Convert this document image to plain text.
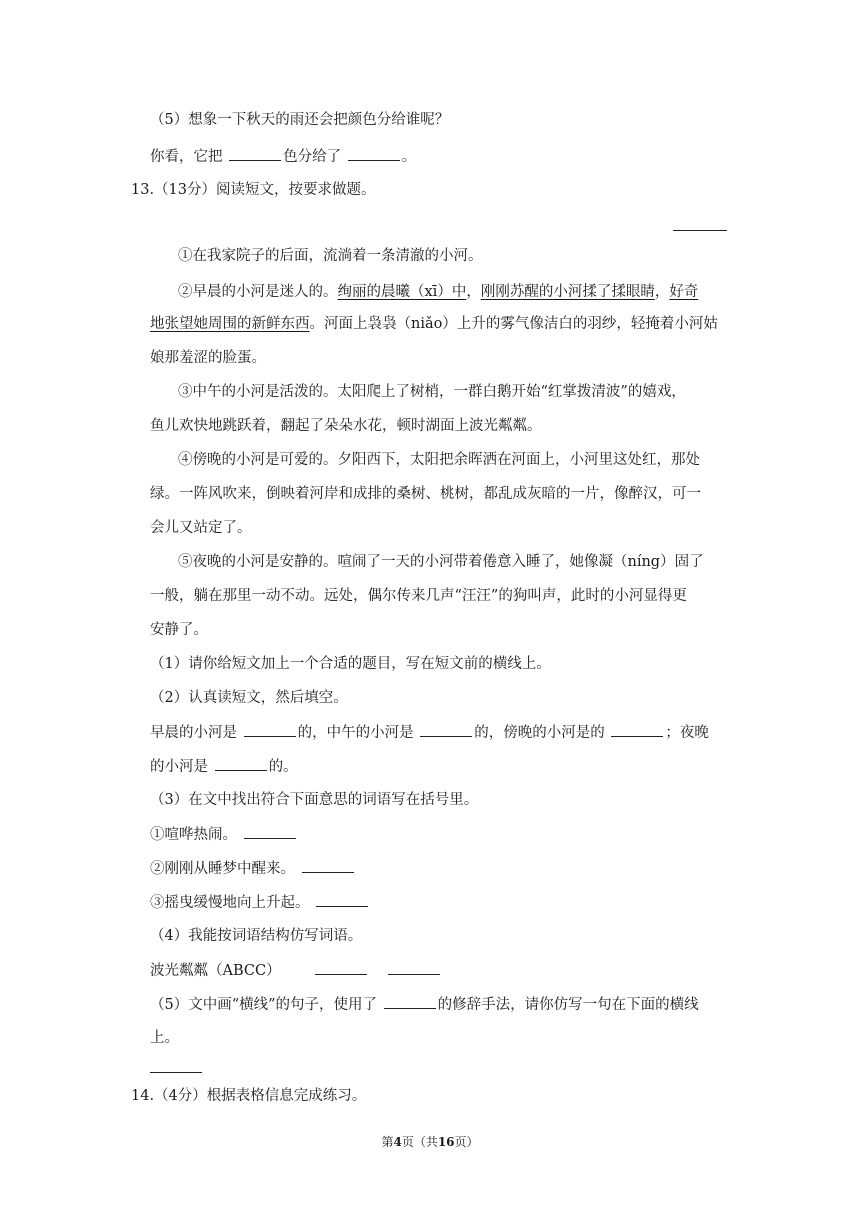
（5）想象一下秋天的雨还会把颜色分给谁呢？
你看，它把	色分给了	。
13.（13分）阅读短文，按要求做题。
①在我家院子的后面，流淌着一条清澈的小河。
②早晨的小河是迷人的。绚丽的晨曦（xī）中，刚刚苏醒的小河揉了揉眼睛，好奇
地张望她周围的新鲜东西。河面上袅袅（niǎo）上升的雾气像洁白的羽纱，轻掩着小河姑
娘那羞涩的脸蛋。
③中午的小河是活泼的。太阳爬上了树梢，一群白鹅开始“红掌拨清波”的嬉戏，
鱼儿欢快地跳跃着，翻起了朵朵水花，顿时湖面上波光粼粼。
④傍晚的小河是可爱的。夕阳西下，太阳把余晖洒在河面上，小河里这处红，那处
绿。一阵风吹来，倒映着河岸和成排的桑树、桃树，都乱成灰暗的一片，像醉汉，可一
会儿又站定了。
⑤夜晚的小河是安静的。喧闹了一天的小河带着倦意入睡了，她像凝（níng）固了
一般，躺在那里一动不动。远处，偶尔传来几声“汪汪”的狗叫声，此时的小河显得更
安静了。
（1）请你给短文加上一个合适的题目，写在短文前的横线上。
（2）认真读短文，然后填空。
早晨的小河是	的，中午的小河是	的，傍晚的小河是的	；夜晚
的小河是	的。
（3）在文中找出符合下面意思的词语写在括号里。
①喧哗热闹。
②刚刚从睡梦中醒来。
③摇曳缓慢地向上升起。
（4）我能按词语结构仿写词语。
波光粼粼（ABCC）
（5）文中画“横线”的句子，使用了	的修辞手法，请你仿写一句在下面的横线
上。
14.（4分）根据表格信息完成练习。
第4页（共16页）
